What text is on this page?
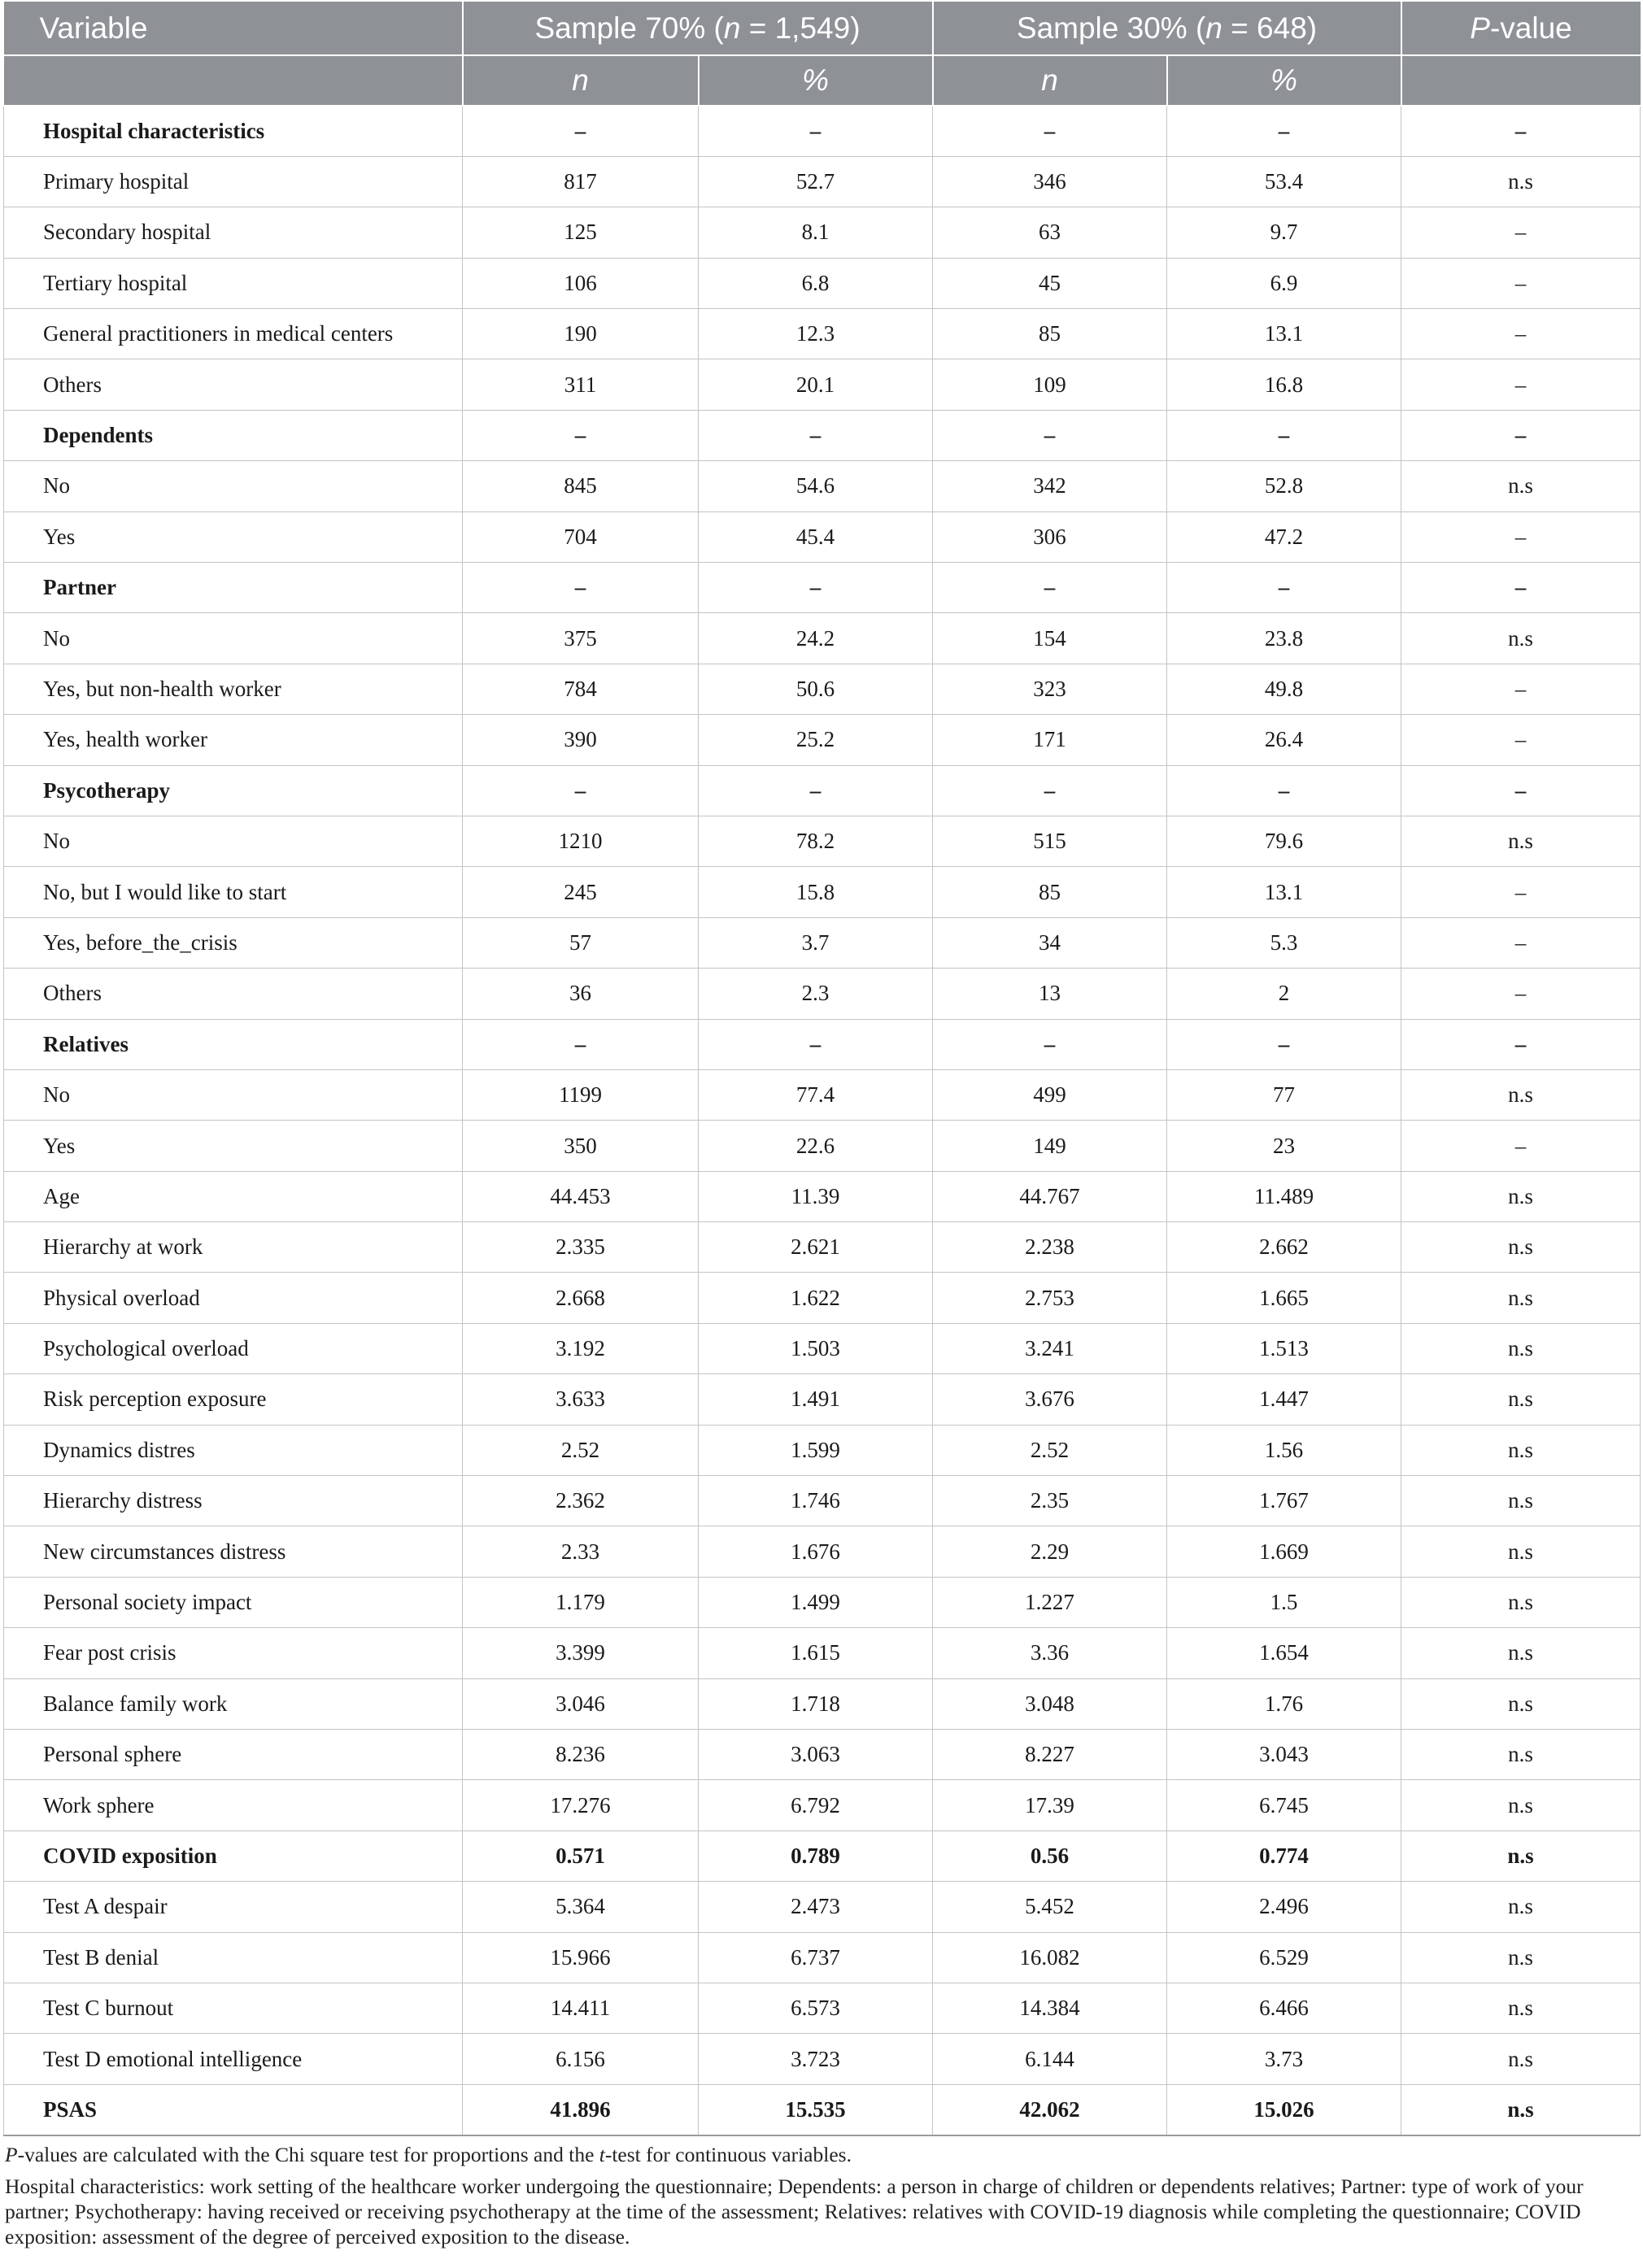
Variable	Sample 70% (n = 1,549)		Sample 30% (n = 648)		P-value
	n	%	n	%	
Hospital characteristics	–	–	–	–	–
Primary hospital	817	52.7	346	53.4	n.s
Secondary hospital	125	8.1	63	9.7	–
Tertiary hospital	106	6.8	45	6.9	–
General practitioners in medical centers	190	12.3	85	13.1	–
Others	311	20.1	109	16.8	–
Dependents	–	–	–	–	–
No	845	54.6	342	52.8	n.s
Yes	704	45.4	306	47.2	–
Partner	–	–	–	–	–
No	375	24.2	154	23.8	n.s
Yes, but non-health worker	784	50.6	323	49.8	–
Yes, health worker	390	25.2	171	26.4	–
Psycotherapy	–	–	–	–	–
No	1210	78.2	515	79.6	n.s
No, but I would like to start	245	15.8	85	13.1	–
Yes, before_the_crisis	57	3.7	34	5.3	–
Others	36	2.3	13	2	–
Relatives	–	–	–	–	–
No	1199	77.4	499	77	n.s
Yes	350	22.6	149	23	–
Age	44.453	11.39	44.767	11.489	n.s
Hierarchy at work	2.335	2.621	2.238	2.662	n.s
Physical overload	2.668	1.622	2.753	1.665	n.s
Psychological overload	3.192	1.503	3.241	1.513	n.s
Risk perception exposure	3.633	1.491	3.676	1.447	n.s
Dynamics distres	2.52	1.599	2.52	1.56	n.s
Hierarchy distress	2.362	1.746	2.35	1.767	n.s
New circumstances distress	2.33	1.676	2.29	1.669	n.s
Personal society impact	1.179	1.499	1.227	1.5	n.s
Fear post crisis	3.399	1.615	3.36	1.654	n.s
Balance family work	3.046	1.718	3.048	1.76	n.s
Personal sphere	8.236	3.063	8.227	3.043	n.s
Work sphere	17.276	6.792	17.39	6.745	n.s
COVID exposition	0.571	0.789	0.56	0.774	n.s
Test A despair	5.364	2.473	5.452	2.496	n.s
Test B denial	15.966	6.737	16.082	6.529	n.s
Test C burnout	14.411	6.573	14.384	6.466	n.s
Test D emotional intelligence	6.156	3.723	6.144	3.73	n.s
PSAS	41.896	15.535	42.062	15.026	n.s

P-values are calculated with the Chi square test for proportions and the t-test for continuous variables.

Hospital characteristics: work setting of the healthcare worker undergoing the questionnaire; Dependents: a person in charge of children or dependents relatives; Partner: type of work of your partner; Psychotherapy: having received or receiving psychotherapy at the time of the assessment; Relatives: relatives with COVID-19 diagnosis while completing the questionnaire; COVID exposition: assessment of the degree of perceived exposition to the disease.
